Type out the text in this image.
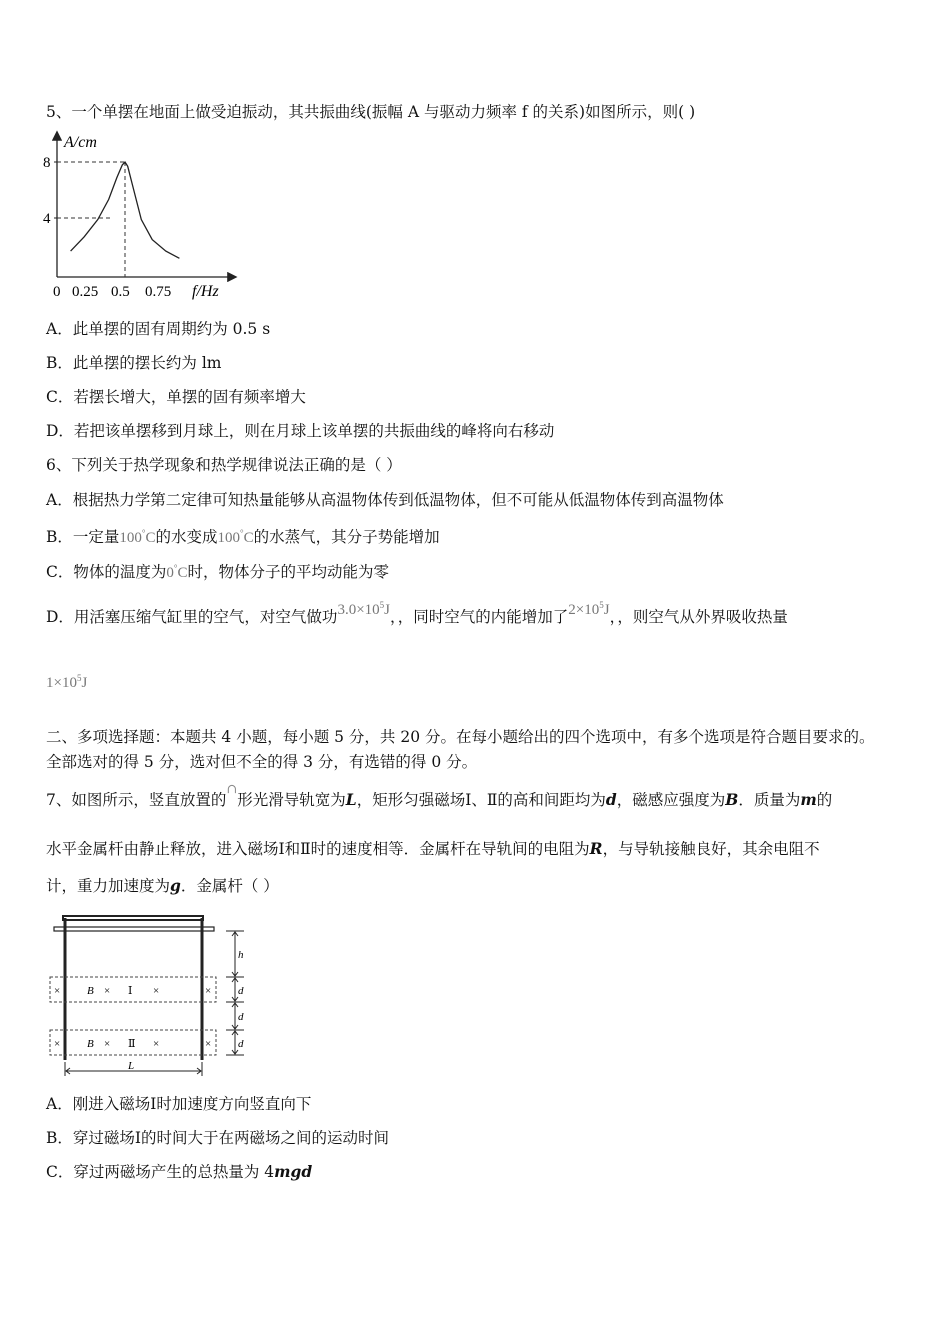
5、一个单摆在地面上做受迫振动，其共振曲线(振幅 A 与驱动力频率 f 的关系)如图所示，则( )
A/cm
8
4
0 0.25 0.5 0.75 f/Hz
A．此单摆的固有周期约为 0.5 s
B．此单摆的摆长约为 lm
C．若摆长增大，单摆的固有频率增大
D．若把该单摆移到月球上，则在月球上该单摆的共振曲线的峰将向右移动
6、下列关于热学现象和热学规律说法正确的是（ ）
A．根据热力学第二定律可知热量能够从高温物体传到低温物体，但不可能从低温物体传到高温物体
B．一定量100°C的水变成100°C的水蒸气，其分子势能增加
C．物体的温度为0°C时，物体分子的平均动能为零
D．用活塞压缩气缸里的空气，对空气做功$3.0\times 10^5J$，，同时空气的内能增加了$2\times 10^5J$，，则空气从外界吸收热量
$1\times 10^5J$
二、多项选择题：本题共 4 小题，每小题 5 分，共 20 分。在每小题给出的四个选项中，有多个选项是符合题目要求的。
全部选对的得 5 分，选对但不全的得 3 分，有选错的得 0 分。
7、如图所示，竖直放置的∩形光滑导轨宽为L，矩形匀强磁场Ⅰ、Ⅱ的高和间距均为d，磁感应强度为B．质量为m的
水平金属杆由静止释放，进入磁场Ⅰ和Ⅱ时的速度相等．金属杆在导轨间的电阻为R，与导轨接触良好，其余电阻不
计，重力加速度为g．金属杆（ ）
× B × Ⅰ ×	×
× B × Ⅱ ×	×
h
d
d
d
L
A．刚进入磁场Ⅰ时加速度方向竖直向下
B．穿过磁场Ⅰ的时间大于在两磁场之间的运动时间
C．穿过两磁场产生的总热量为 4mgd
